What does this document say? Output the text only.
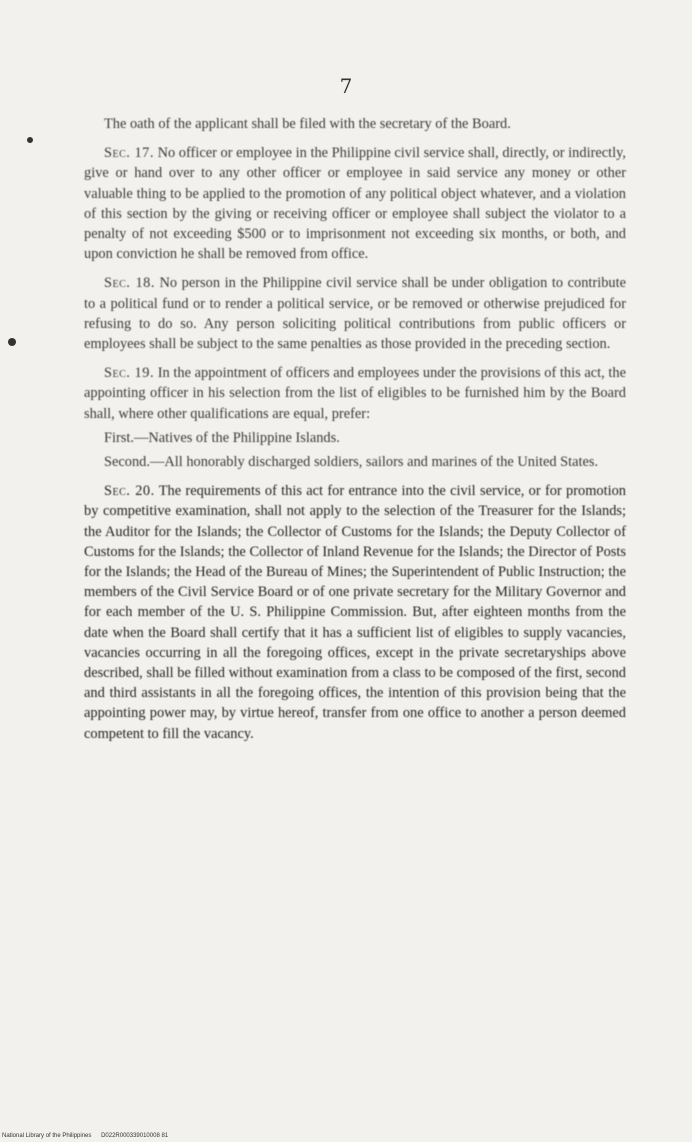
7

The oath of the applicant shall be filed with the secretary of the Board.

Sec. 17. No officer or employee in the Philippine civil service shall, directly, or indirectly, give or hand over to any other officer or employee in said service any money or other valuable thing to be applied to the promotion of any political object whatever, and a violation of this section by the giving or receiving officer or employee shall subject the violator to a penalty of not exceeding $500 or to imprisonment not exceeding six months, or both, and upon conviction he shall be removed from office.

Sec. 18. No person in the Philippine civil service shall be under obligation to contribute to a political fund or to render a political service, or be removed or otherwise prejudiced for refusing to do so. Any person soliciting political contributions from public officers or employees shall be subject to the same penalties as those provided in the preceding section.

Sec. 19. In the appointment of officers and employees under the provisions of this act, the appointing officer in his selection from the list of eligibles to be furnished him by the Board shall, where other qualifications are equal, prefer:

First.—Natives of the Philippine Islands.

Second.—All honorably discharged soldiers, sailors and marines of the United States.

Sec. 20. The requirements of this act for entrance into the civil service, or for promotion by competitive examination, shall not apply to the selection of the Treasurer for the Islands; the Auditor for the Islands; the Collector of Customs for the Islands; the Deputy Collector of Customs for the Islands; the Collector of Inland Revenue for the Islands; the Director of Posts for the Islands; the Head of the Bureau of Mines; the Superintendent of Public Instruction; the members of the Civil Service Board or of one private secretary for the Military Governor and for each member of the U. S. Philippine Commission. But, after eighteen months from the date when the Board shall certify that it has a sufficient list of eligibles to supply vacancies, vacancies occurring in all the foregoing offices, except in the private secretaryships above described, shall be filled without examination from a class to be composed of the first, second and third assistants in all the foregoing offices, the intention of this provision being that the appointing power may, by virtue hereof, transfer from one office to another a person deemed competent to fill the vacancy.

National Library of the Philippines D022R000339010008 81
